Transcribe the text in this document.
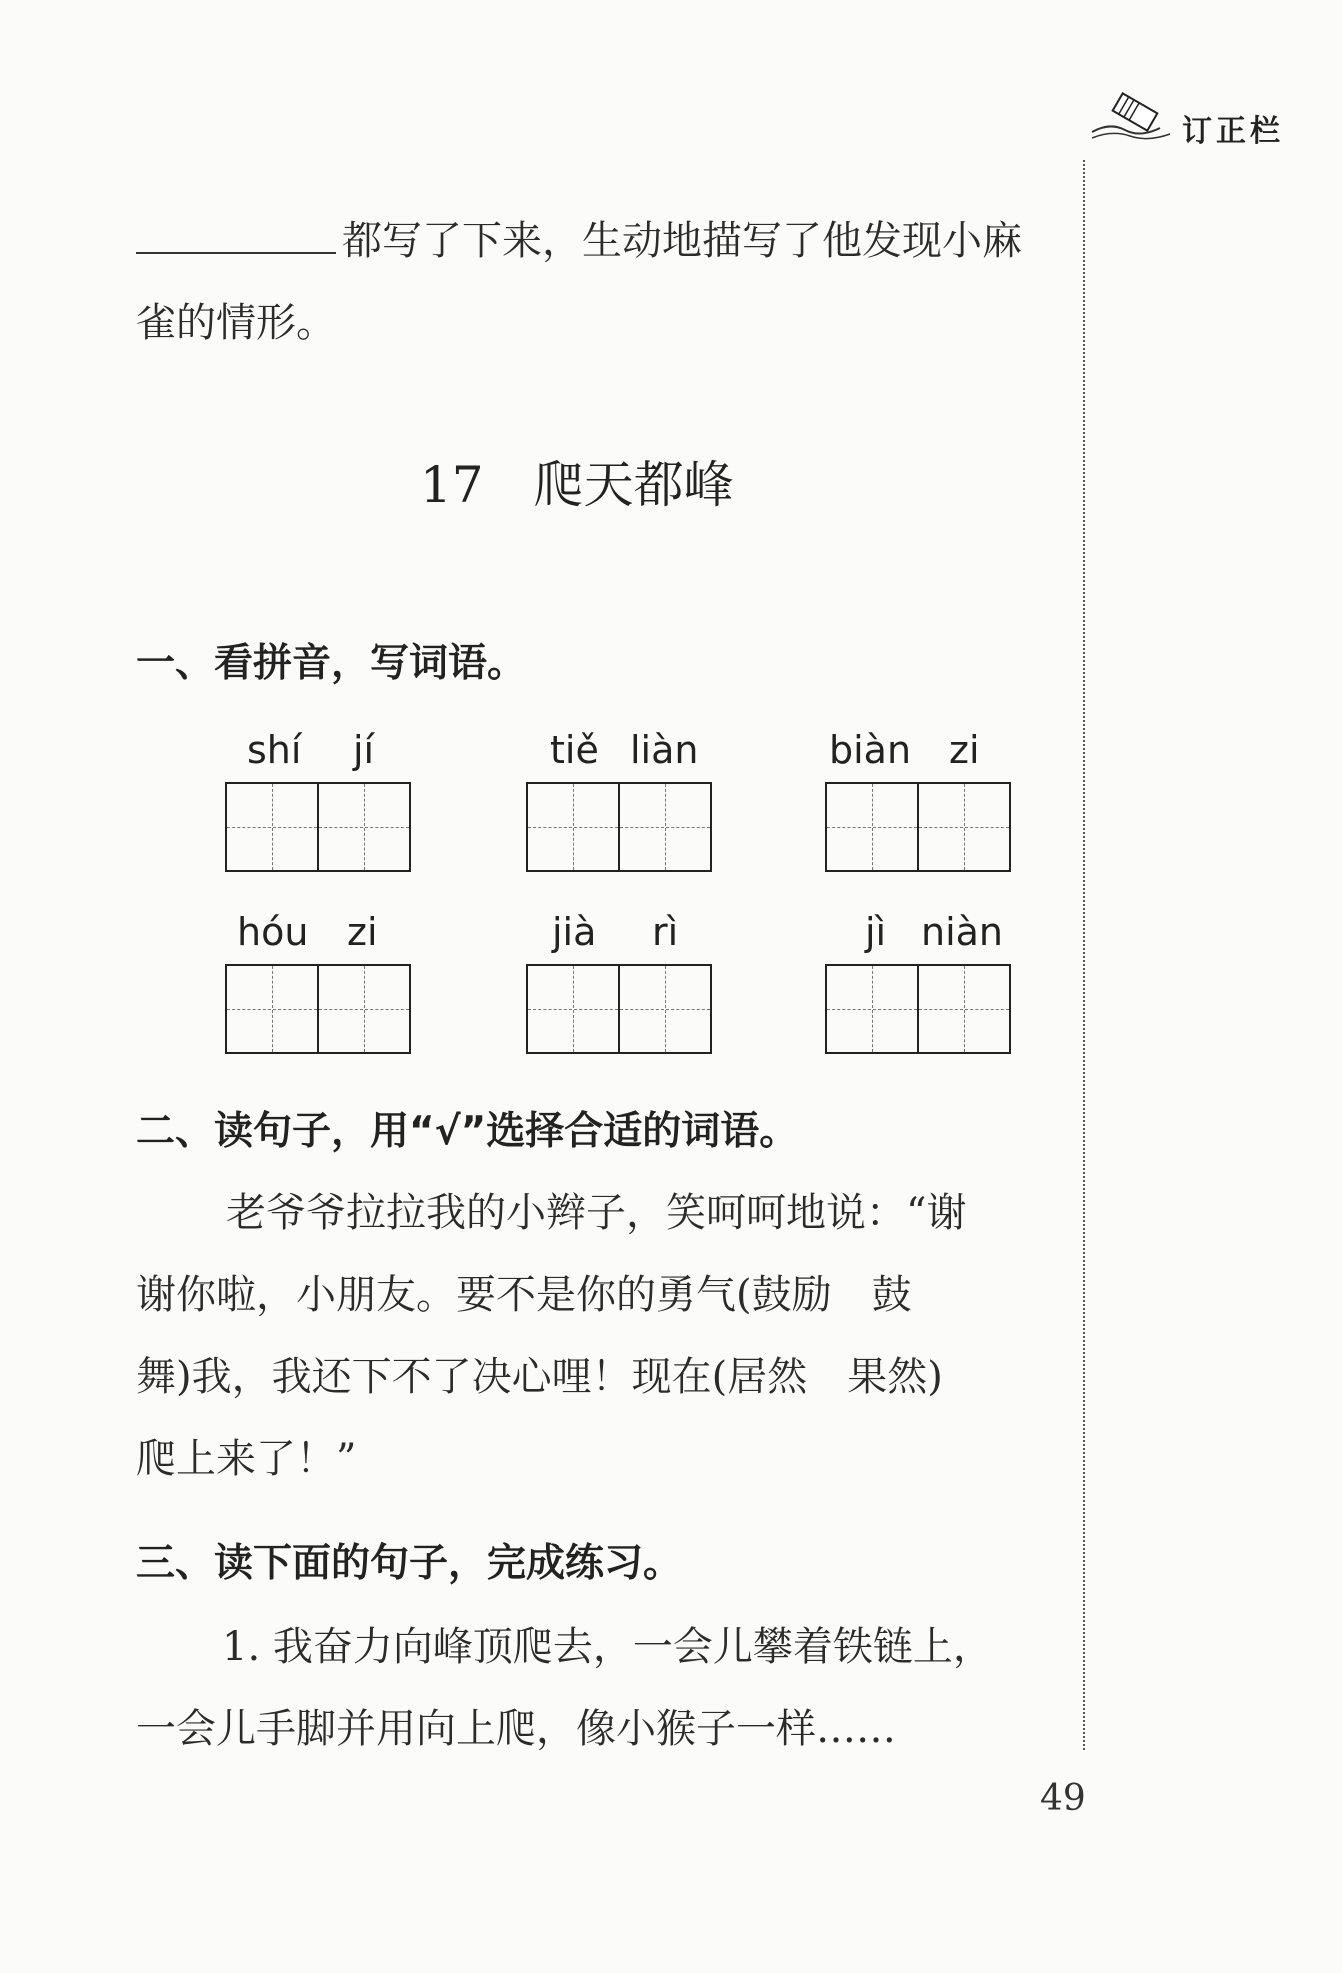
订正栏
都写了下来，生动地描写了他发现小麻
雀的情形。
17 爬天都峰
一、看拼音，写词语。
shí jí	tiě liàn	biàn zi
hóu zi	jià rì	jì niàn
二、读句子，用“√”选择合适的词语。
老爷爷拉拉我的小辫子，笑呵呵地说：“谢
谢你啦，小朋友。要不是你的勇气(鼓励　鼓
舞)我，我还下不了决心哩！现在(居然　果然)
爬上来了！”
三、读下面的句子，完成练习。
1. 我奋力向峰顶爬去，一会儿攀着铁链上，
一会儿手脚并用向上爬，像小猴子一样……
49
